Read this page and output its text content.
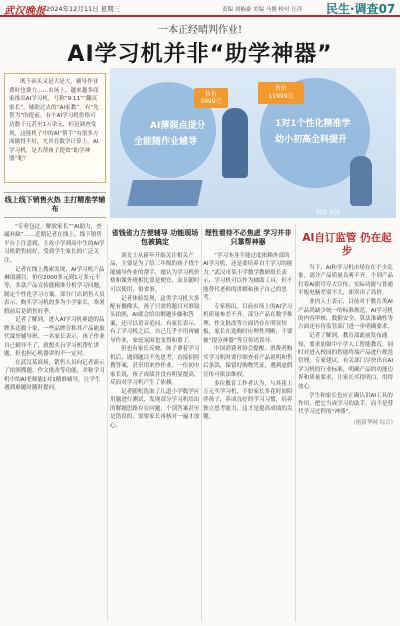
武汉晚报 2024年12月11日 星期三	责编 刘楠豪 美编 马俊 校对 汪洋 民生·调查07
一本正经晴判作业!
AI学习机并非“助学神器”
既下砖头又是大是大，辅导作业费时也费力……市场上，越来越多商家推出AI学习机，号称“9·11”“翻页家长”，辅助过去的“AI家教”，有“先帮为”的提前。有个AI学习机价格可达数千元甚至1万余元，但是调查发现，这能机子中的AI“帮手”有很多方面做得不好，尤其在数学计算上。AI学习机，是否帮孩子提效“助学神器”呢？
AI薄弱点提分
全能随作业辅导
1对1个性化精准学
幼小初高全科提升
售价
5999元
售价
11999元
陶晋 宋涛
线上线下销售火热 主打精准学辅布

“专业包过，解放家长”“AI助力，查漏补缺”……近期记者在线上、线下销售平台上注意到，主攻小学到高中生的AI学习机销售较好，受到学生家长的广泛关注。

记者在线上搜索发现，AI学习机产品琳琅满目，价位2000多元到1万多元不等，多款产品宣传能精准分析学习问题，制定个性化学习方案。部分门店销售人员表示，购买学习机的多为小学家长，寒暑假前后是销售旺季。

记者了解到，进入AI学习机赛道的品牌多达数十家，一些品牌宣称其产品能取代课外辅导班。一名家长表示，孩子作业自己辅导不了，就想买台学习机帮忙讲题，但也担心机器讲的不一定对。

在武汉某商场，销售人员向记者演示了拍照搜题、作文批改等功能，并称学习机中的AI老师能1对1精准辅导，让学生遇到难题时随时提问。

省钱省力方便辅导 功能现场包被搞定

刘女士从新年开始关注相关产品，主要是为了给三年级的孩子找个能辅导作业的帮手。她认为学习机价格和课外班相比算是便宜，而且随时可以使用，很省事。

记者体验发现，这类学习机大多配有摄像头，孩子只需将题目对准镜头拍照，AI就会给出解题步骤和答案，还可以语音追问。有家长表示，有了学习机之后，自己几乎不用再辅导作业，家庭氛围也变得和谐了。

但也有家长反映，孩子拿着学习机后，遇到题目不先思考，直接拍照搜答案，甚至用来抄作业。一位初中家长说，孩子成绩并没有明显提高，反而对学习机产生了依赖。

记者随机选取了几道小学数学应用题进行测试，发现部分学习机给出的解题思路存在问题，个别答案甚至是错误的，需要家长再核对一遍才放心。

理性看待不必焦虑 学习并非只靠帮神器

“学习本身不能过度依赖外部的AI学习机，还是要培养自主学习的能力。”武汉市某小学数学教研组长表示，学习机可以作为辅助工具，但不能替代老师的讲解和孩子自己的思考。

专家指出，目前市场上的AI学习机质量参差不齐，部分产品在数学推理、作文批改等方面仍存在明显短板，家长在选购时应理性判断，不要被“提分神器”等宣传语误导。

中国消费者协会提醒，消费者购买学习机时要仔细查看产品说明和售后条款，保留好购物凭证，遇到虚假宣传可依法维权。

多位教育工作者认为，与其花上万元买学习机，不如家长多花时间陪伴孩子，养成良好的学习习惯，培养独立思考能力，这才是提高成绩的关键。

AI自订监管 仍在起步

当下，AI和学习机市场存在不少乱象，部分产品质量良莠不齐，个别产品打着AI旗号夸大宣传，实际功能与普通平板电脑差别不大，却卖出了高价。

业内人士表示，目前对于教育类AI产品尚缺少统一的标准规范，AI学习机的内容审核、数据安全、算法准确性等方面还有待监管部门进一步明确要求。

记者了解到，教育部此前发布通知，要求加强中小学人工智能教育，同时对进入校园的智能终端产品进行规范管理。专家建议，有关部门尽快出台AI学习机的行业标准，明确产品的功能边界和质量要求，让家长买得明白、用得放心。

学生和家长也应正确认识AI工具的作用，把它当成学习的助手，而不是替代学习过程的“神器”。

（据新华网 综合）
